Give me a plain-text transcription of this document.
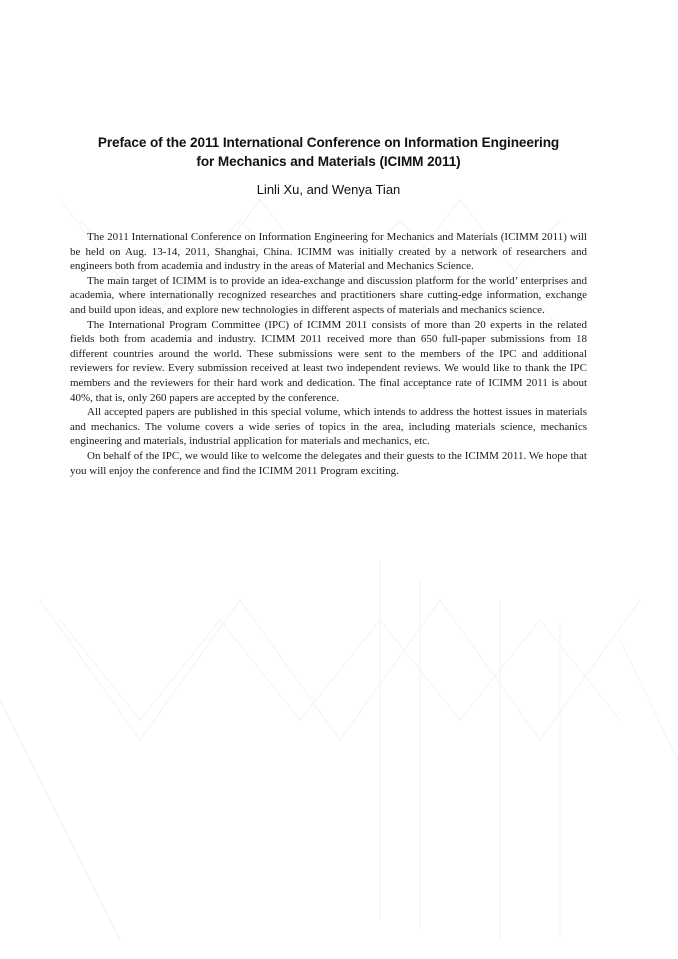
Preface of the 2011 International Conference on Information Engineering
for Mechanics and Materials (ICIMM 2011)
Linli Xu, and Wenya Tian

The 2011 International Conference on Information Engineering for Mechanics and Materials (ICIMM 2011) will be held on Aug. 13-14, 2011, Shanghai, China. ICIMM was initially created by a network of researchers and engineers both from academia and industry in the areas of Material and Mechanics Science.

The main target of ICIMM is to provide an idea-exchange and discussion platform for the world’ enterprises and academia, where internationally recognized researches and practitioners share cutting-edge information, exchange and build upon ideas, and explore new technologies in different aspects of materials and mechanics science.

The International Program Committee (IPC) of ICIMM 2011 consists of more than 20 experts in the related fields both from academia and industry. ICIMM 2011 received more than 650 full-paper submissions from 18 different countries around the world. These submissions were sent to the members of the IPC and additional reviewers for review. Every submission received at least two independent reviews. We would like to thank the IPC members and the reviewers for their hard work and dedication. The final acceptance rate of ICIMM 2011 is about 40%, that is, only 260 papers are accepted by the conference.

All accepted papers are published in this special volume, which intends to address the hottest issues in materials and mechanics. The volume covers a wide series of topics in the area, including materials science, mechanics engineering and materials, industrial application for materials and mechanics, etc.

On behalf of the IPC, we would like to welcome the delegates and their guests to the ICIMM 2011. We hope that you will enjoy the conference and find the ICIMM 2011 Program exciting.
